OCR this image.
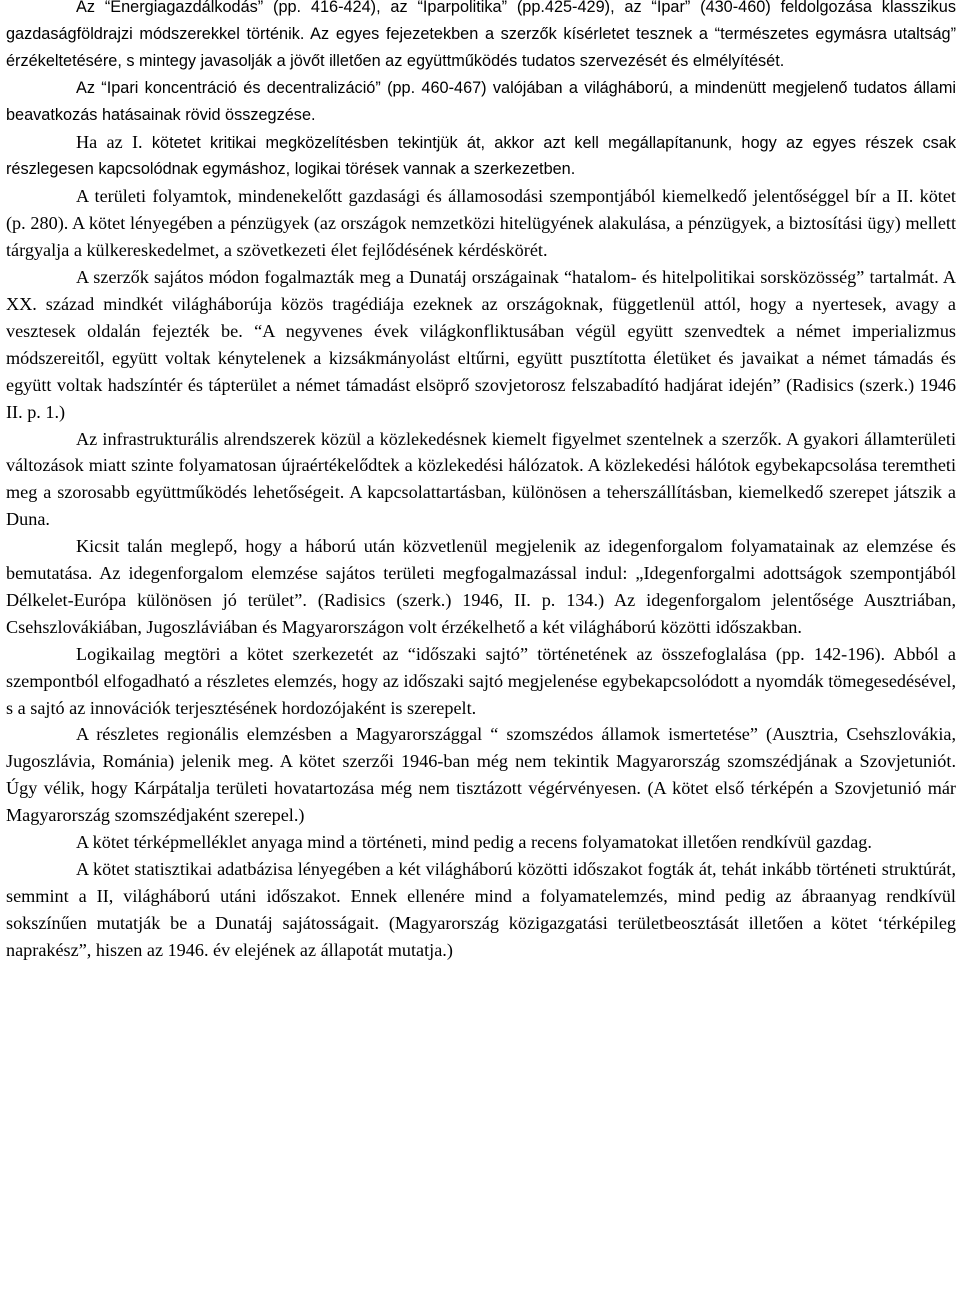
Az “Energiagazdálkodás” (pp. 416-424), az “Iparpolitika” (pp.425-429), az “Ipar” (430-460) feldolgozása klasszikus gazdaságföldrajzi módszerekkel történik. Az egyes fejezetekben a szerzők kísérletet tesznek a “természetes egymásra utaltság” érzékeltetésére, s mintegy javasolják a jövőt illetően az együttműködés tudatos szervezését és elmélyítését.

Az “Ipari koncentráció és decentralizáció” (pp. 460-467) valójában a világháború, a mindenütt megjelenő tudatos állami beavatkozás hatásainak rövid összegzése.

Ha az I. kötetet kritikai megközelítésben tekintjük át, akkor azt kell megállapítanunk, hogy az egyes részek csak részlegesen kapcsolódnak egymáshoz, logikai törések vannak a szerkezetben.

A területi folyamtok, mindenekelőtt gazdasági és államosodási szempontjából kiemelkedő jelentőséggel bír a II. kötet (p. 280). A kötet lényegében a pénzügyek (az országok nemzetközi hitelügyének alakulása, a pénzügyek, a biztosítási ügy) mellett tárgyalja a külkereskedelmet, a szövetkezeti élet fejlődésének kérdéskörét.

A szerzők sajátos módon fogalmazták meg a Dunatáj országainak “hatalom- és hitelpolitikai sorsközösség” tartalmát. A XX. század mindkét világháborúja közös tragédiája ezeknek az országoknak, függetlenül attól, hogy a nyertesek, avagy a vesztesek oldalán fejezték be. “A negyvenes évek világkonfliktusában végül együtt szenvedtek a német imperializmus módszereitől, együtt voltak kénytelenek a kizsákmányolást eltűrni, együtt pusztította életüket és javaikat a német támadás és együtt voltak hadszíntér és tápterület a német támadást elsöprő szovjetorosz felszabadító hadjárat idején” (Radisics (szerk.) 1946 II. p. 1.)

Az infrastrukturális alrendszerek közül a közlekedésnek kiemelt figyelmet szentelnek a szerzők. A gyakori államterületi változások miatt szinte folyamatosan újraértékelődtek a közlekedési hálózatok. A közlekedési hálótok egybekapcsolása teremtheti meg a szorosabb együttműködés lehetőségeit. A kapcsolattartásban, különösen a teherszállításban, kiemelkedő szerepet játszik a Duna.

Kicsit talán meglepő, hogy a háború után közvetlenül megjelenik az idegenforgalom folyamatainak az elemzése és bemutatása. Az idegenforgalom elemzése sajátos területi megfogalmazással indul: „Idegenforgalmi adottságok szempontjából Délkelet-Európa különösen jó terület”. (Radisics (szerk.) 1946, II. p. 134.) Az idegenforgalom jelentősége Ausztriában, Csehszlovákiában, Jugoszláviában és Magyarországon volt érzékelhető a két világháború közötti időszakban.

Logikailag megtöri a kötet szerkezetét az “időszaki sajtó” történetének az összefoglalása (pp. 142-196). Abból a szempontból elfogadható a részletes elemzés, hogy az időszaki sajtó megjelenése egybekapcsolódott a nyomdák tömegesedésével, s a sajtó az innovációk terjesztésének hordozójaként is szerepelt.

A részletes regionális elemzésben a Magyarországgal “ szomszédos államok ismertetése” (Ausztria, Csehszlovákia, Jugoszlávia, Románia) jelenik meg. A kötet szerzői 1946-ban még nem tekintik Magyarország szomszédjának a Szovjetuniót. Úgy vélik, hogy Kárpátalja területi hovatartozása még nem tisztázott végérvényesen. (A kötet első térképén a Szovjetunió már Magyarország szomszédjaként szerepel.)

A kötet térképmelléklet anyaga mind a történeti, mind pedig a recens folyamatokat illetően rendkívül gazdag.

A kötet statisztikai adatbázisa lényegében a két világháború közötti időszakot fogták át, tehát inkább történeti struktúrát, semmint a II, világháború utáni időszakot. Ennek ellenére mind a folyamatelemzés, mind pedig az ábraanyag rendkívül sokszínűen mutatják be a Dunatáj sajátosságait. (Magyarország közigazgatási területbeosztását illetően a kötet ‘térképileg naprakész”, hiszen az 1946. év elejének az állapotát mutatja.)
